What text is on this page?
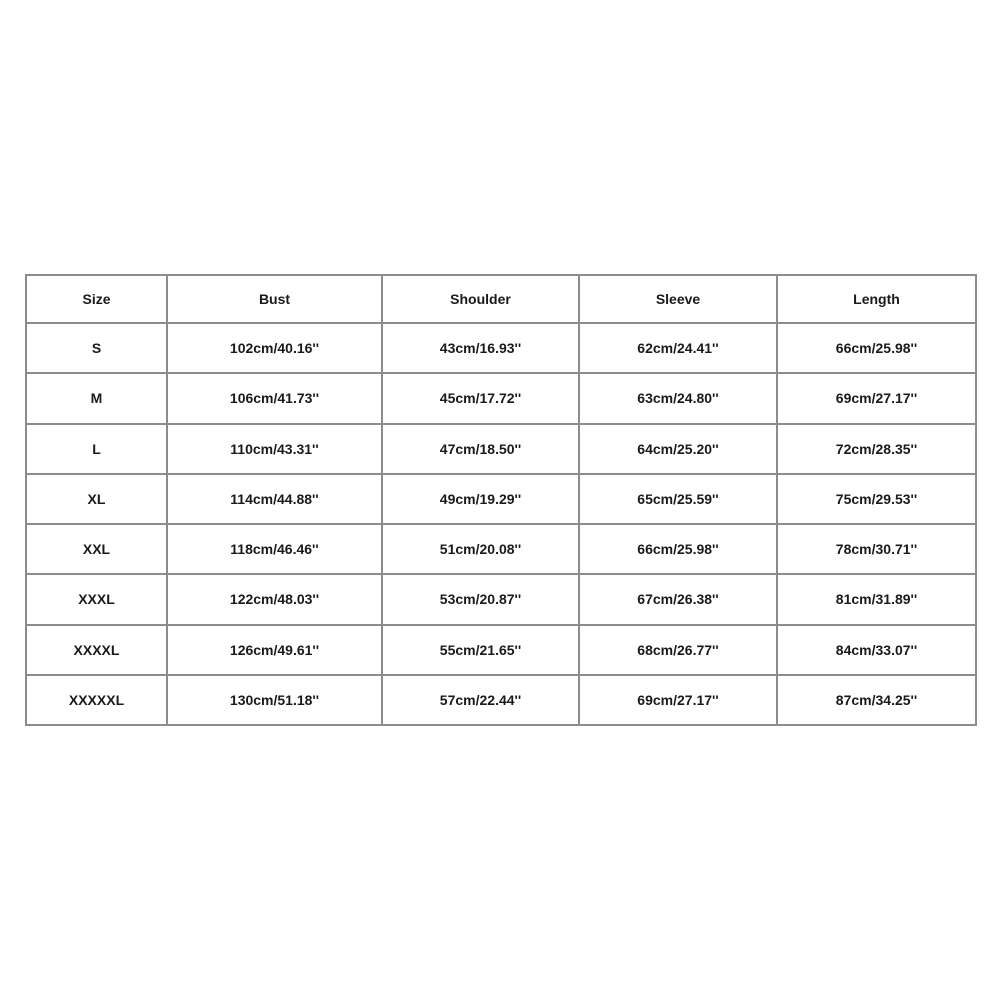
Size	Bust	Shoulder	Sleeve	Length
S	102cm/40.16''	43cm/16.93''	62cm/24.41''	66cm/25.98''
M	106cm/41.73''	45cm/17.72''	63cm/24.80''	69cm/27.17''
L	110cm/43.31''	47cm/18.50''	64cm/25.20''	72cm/28.35''
XL	114cm/44.88''	49cm/19.29''	65cm/25.59''	75cm/29.53''
XXL	118cm/46.46''	51cm/20.08''	66cm/25.98''	78cm/30.71''
XXXL	122cm/48.03''	53cm/20.87''	67cm/26.38''	81cm/31.89''
XXXXL	126cm/49.61''	55cm/21.65''	68cm/26.77''	84cm/33.07''
XXXXXL	130cm/51.18''	57cm/22.44''	69cm/27.17''	87cm/34.25''
